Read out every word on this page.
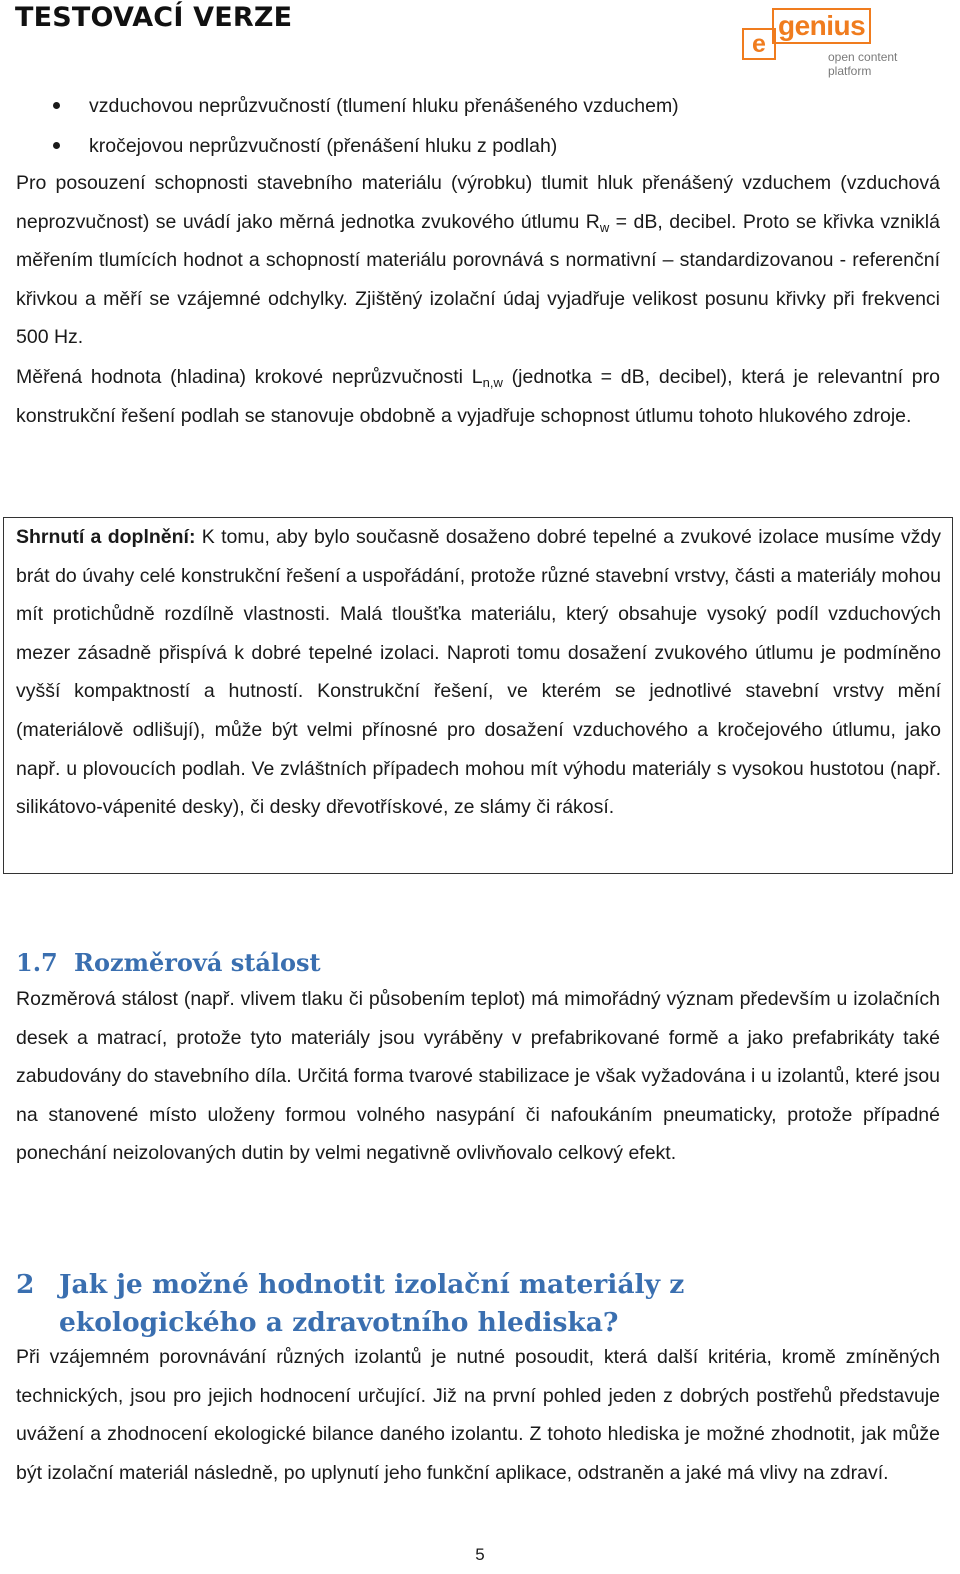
TESTOVACÍ VERZE	genius
e	open content platform
vzduchovou neprůzvučností (tlumení hluku přenášeného vzduchem)
kročejovou neprůzvučností (přenášení hluku z podlah)

Pro posouzení schopnosti stavebního materiálu (výrobku) tlumit hluk přenášený vzduchem (vzduchová neprozvučnost) se uvádí jako měrná jednotka zvukového útlumu $R_w$ = dB, decibel. Proto se křivka vzniklá měřením tlumících hodnot a schopností materiálu porovnává s normativní – standardizovanou - referenční křivkou a měří se vzájemné odchylky. Zjištěný izolační údaj vyjadřuje velikost posunu křivky při frekvenci 500 Hz.

Měřená hodnota (hladina) krokové neprůzvučnosti $L_{n,w}$ (jednotka = dB, decibel), která je relevantní pro konstrukční řešení podlah se stanovuje obdobně a vyjadřuje schopnost útlumu tohoto hlukového zdroje.

Shrnutí a doplnění: K tomu, aby bylo současně dosaženo dobré tepelné a zvukové izolace musíme vždy brát do úvahy celé konstrukční řešení a uspořádání, protože různé stavební vrstvy, části a materiály mohou mít protichůdně rozdílně vlastnosti. Malá tloušťka materiálu, který obsahuje vysoký podíl vzduchových mezer zásadně přispívá k dobré tepelné izolaci. Naproti tomu dosažení zvukového útlumu je podmíněno vyšší kompaktností a hutností. Konstrukční řešení, ve kterém se jednotlivé stavební vrstvy mění (materiálově odlišují), může být velmi přínosné pro dosažení vzduchového a kročejového útlumu, jako např. u plovoucích podlah. Ve zvláštních případech mohou mít výhodu materiály s vysokou hustotou (např. silikátovo-vápenité desky), či desky dřevotřískové, ze slámy či rákosí.

1.7 Rozměrová stálost

Rozměrová stálost (např. vlivem tlaku či působením teplot) má mimořádný význam především u izolačních desek a matrací, protože tyto materiály jsou vyráběny v prefabrikované formě a jako prefabrikáty také zabudovány do stavebního díla. Určitá forma tvarové stabilizace je však vyžadována i u izolantů, které jsou na stanovené místo uloženy formou volného nasypání či nafoukáním pneumaticky, protože případné ponechání neizolovaných dutin by velmi negativně ovlivňovalo celkový efekt.

2 Jak je možné hodnotit izolační materiály z ekologického a zdravotního hlediska?

Při vzájemném porovnávání různých izolantů je nutné posoudit, která další kritéria, kromě zmíněných technických, jsou pro jejich hodnocení určující. Již na první pohled jeden z dobrých postřehů představuje uvážení a zhodnocení ekologické bilance daného izolantu. Z tohoto hlediska je možné zhodnotit, jak může být izolační materiál následně, po uplynutí jeho funkční aplikace, odstraněn a jaké má vlivy na zdraví.

5
